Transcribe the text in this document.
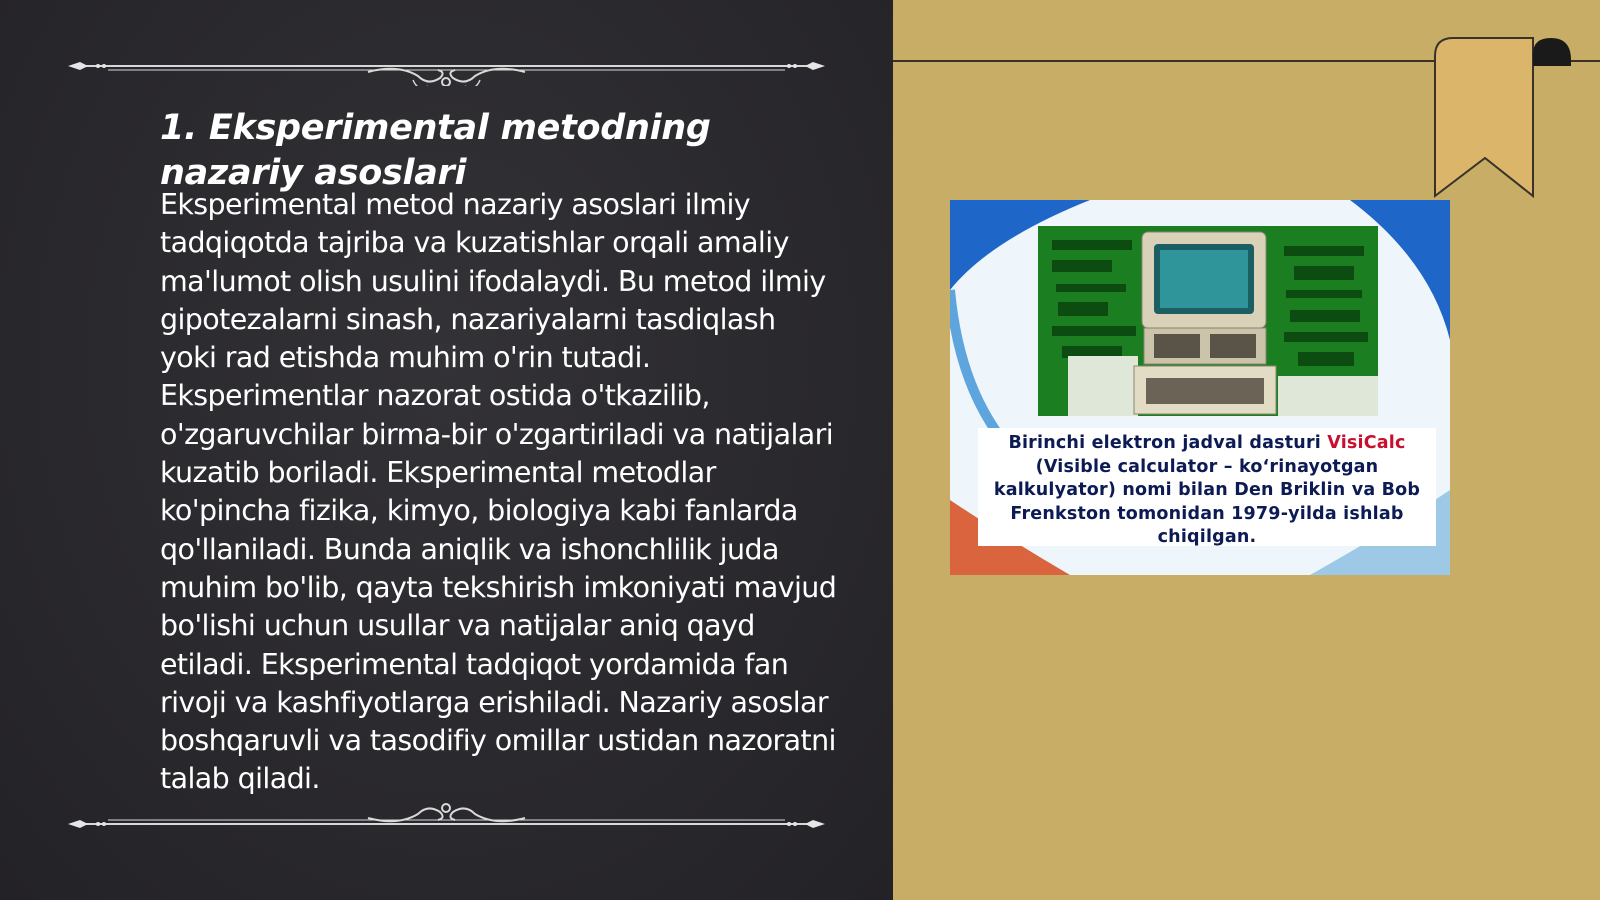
1. Eksperimental metodning nazariy asoslari

Eksperimental metod nazariy asoslari ilmiy tadqiqotda tajriba va kuzatishlar orqali amaliy ma'lumot olish usulini ifodalaydi. Bu metod ilmiy gipotezalarni sinash, nazariyalarni tasdiqlash yoki rad etishda muhim o'rin tutadi. Eksperimentlar nazorat ostida o'tkazilib, o'zgaruvchilar birma-bir o'zgartiriladi va natijalari kuzatib boriladi. Eksperimental metodlar ko'pincha fizika, kimyo, biologiya kabi fanlarda qo'llaniladi. Bunda aniqlik va ishonchlilik juda muhim bo'lib, qayta tekshirish imkoniyati mavjud bo'lishi uchun usullar va natijalar aniq qayd etiladi. Eksperimental tadqiqot yordamida fan rivoji va kashfiyotlarga erishiladi. Nazariy asoslar boshqaruvli va tasodifiy omillar ustidan nazoratni talab qiladi.

Birinchi elektron jadval dasturi VisiCalc (Visible calculator – ko‘rinayotgan kalkulyator) nomi bilan Den Briklin va Bob Frenkston tomonidan 1979-yilda ishlab chiqilgan.
